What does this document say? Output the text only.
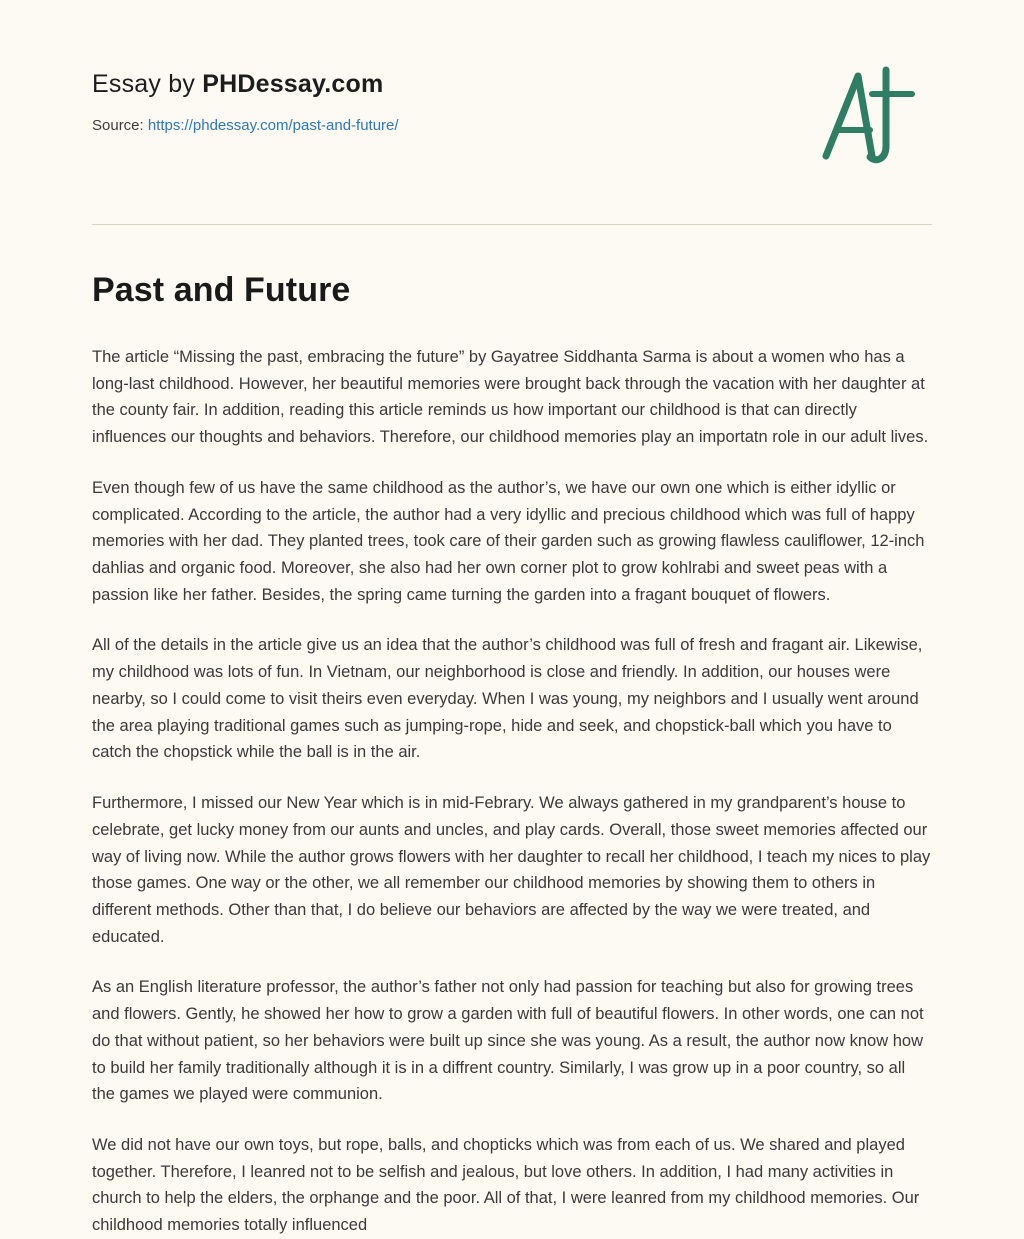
Essay by PHDessay.com

Source: https://phdessay.com/past-and-future/

Past and Future

The article “Missing the past, embracing the future” by Gayatree Siddhanta Sarma is about a women who has a long-last childhood. However, her beautiful memories were brought back through the vacation with her daughter at the county fair. In addition, reading this article reminds us how important our childhood is that can directly influences our thoughts and behaviors. Therefore, our childhood memories play an importatn role in our adult lives.

Even though few of us have the same childhood as the author’s, we have our own one which is either idyllic or complicated. According to the article, the author had a very idyllic and precious childhood which was full of happy memories with her dad. They planted trees, took care of their garden such as growing flawless cauliflower, 12-inch dahlias and organic food. Moreover, she also had her own corner plot to grow kohlrabi and sweet peas with a passion like her father. Besides, the spring came turning the garden into a fragant bouquet of flowers.

All of the details in the article give us an idea that the author’s childhood was full of fresh and fragant air. Likewise, my childhood was lots of fun. In Vietnam, our neighborhood is close and friendly. In addition, our houses were nearby, so I could come to visit theirs even everyday. When I was young, my neighbors and I usually went around the area playing traditional games such as jumping-rope, hide and seek, and chopstick-ball which you have to catch the chopstick while the ball is in the air.

Furthermore, I missed our New Year which is in mid-Febrary. We always gathered in my grandparent’s house to celebrate, get lucky money from our aunts and uncles, and play cards. Overall, those sweet memories affected our way of living now. While the author grows flowers with her daughter to recall her childhood, I teach my nices to play those games. One way or the other, we all remember our childhood memories by showing them to others in different methods. Other than that, I do believe our behaviors are affected by the way we were treated, and educated.

As an English literature professor, the author’s father not only had passion for teaching but also for growing trees and flowers. Gently, he showed her how to grow a garden with full of beautiful flowers. In other words, one can not do that without patient, so her behaviors were built up since she was young. As a result, the author now know how to build her family traditionally although it is in a diffrent country. Similarly, I was grow up in a poor country, so all the games we played were communion.

We did not have our own toys, but rope, balls, and chopticks which was from each of us. We shared and played together. Therefore, I leanred not to be selfish and jealous, but love others. In addition, I had many activities in church to help the elders, the orphange and the poor. All of that, I were leanred from my childhood memories. Our childhood memories totally influenced
